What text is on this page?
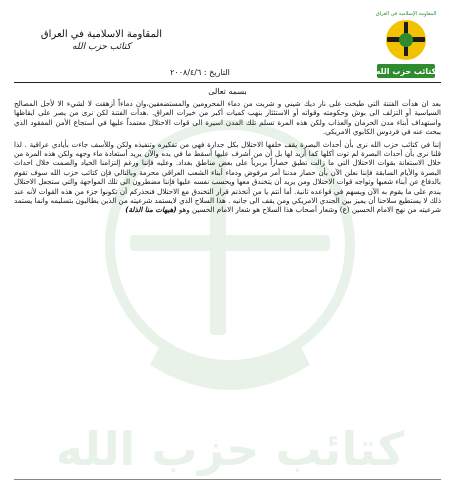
كتائب حزب الله
المقاومة الاسلامية في العراق
كتائب حزب الله
المقاومة الإسلامية في العراق
كتائب حزب الله
التاريخ : ٢٠٠٨/٤/٦
بسمه تعالى

بعد ان هدأت الفتنة التي طبخت على نار ديك شيني و شربت من دماء المحرومين والمستضعفين،وان دماءاً أزهقت لا لشيء الا لأجل المصالح السياسية أو التزلف الى بوش وحكومته وقواته أو الاستئثار بنهب كميات أكبر من خيرات العراق. .هدأت الفتنة لكن نرى من يصر على ايقاظها واستهداف أبناء مدن الحرمان والعذاب ولكن هذه المرة تسلم تلك المدن اسيرة الى قوات الاحتلال معتمداً عليها في أستجاع الأمن المفقود الذي يبحث عنه في فردوس الكابوي الامريكي.

إننا في كتائب حزب الله نرى بأن أحداث البصرة يقف خلفها الاحتلال بكل جدارة فهي من تفكيره وتنفيذه ولكن وللأسف جاءت بأيادي عراقية . لذا قلنا نرى بأن أحداث البصرة لم توت أكلها كما أريد لها بل أن من أشرف عليها أسقط ما في يده والآن يريد أستعادة ماء وجهه ولكن هذه المرة من خلال الاستعانة بقوات الاحتلال التي ما زالت تطبق حصاراً بربرياً على بعض مناطق بغداد. وعليه فإننا ورغم إلتزامنا الحياد والصمت خلال احداث البصرة والأيام السابقة فإننا نعلن الآن بأن حصار مدننا أمر مرفوض ودماء أبناء الشعب العراقي محرمة وبالتالي فإن كتائب حزب الله سوف تقوم بالدفاع عن أبناء شعبها وتواجه قوات الاحتلال ومن يريد أن يتخندق معها ويحسب نفسه عليها فإننا مضطرون الى تلك المواجهة والتي ستجعل الاحتلال يندم على ما يقوم به الآن ويسهم في قواعده ثانية. أما أنتم يا من أتخذتم قرار التخندق مع الاحتلال فنحذركم أن تكونوا جزء من هذه القوات لأنه عند ذلك لا يستطيع سلاحنا أن يميز بين الجندي الامريكي ومن يقف الى جانبه . هذا السلاح الذي لايستمد شرعيته من الذين يطالبون بتسليمه وانما يستمد شرعيته من نهج الامام الحسين (ع) وشعار أصحاب هذا السلاح هو شعار الامام الحسين وهو (هيهات منا الذلة)
